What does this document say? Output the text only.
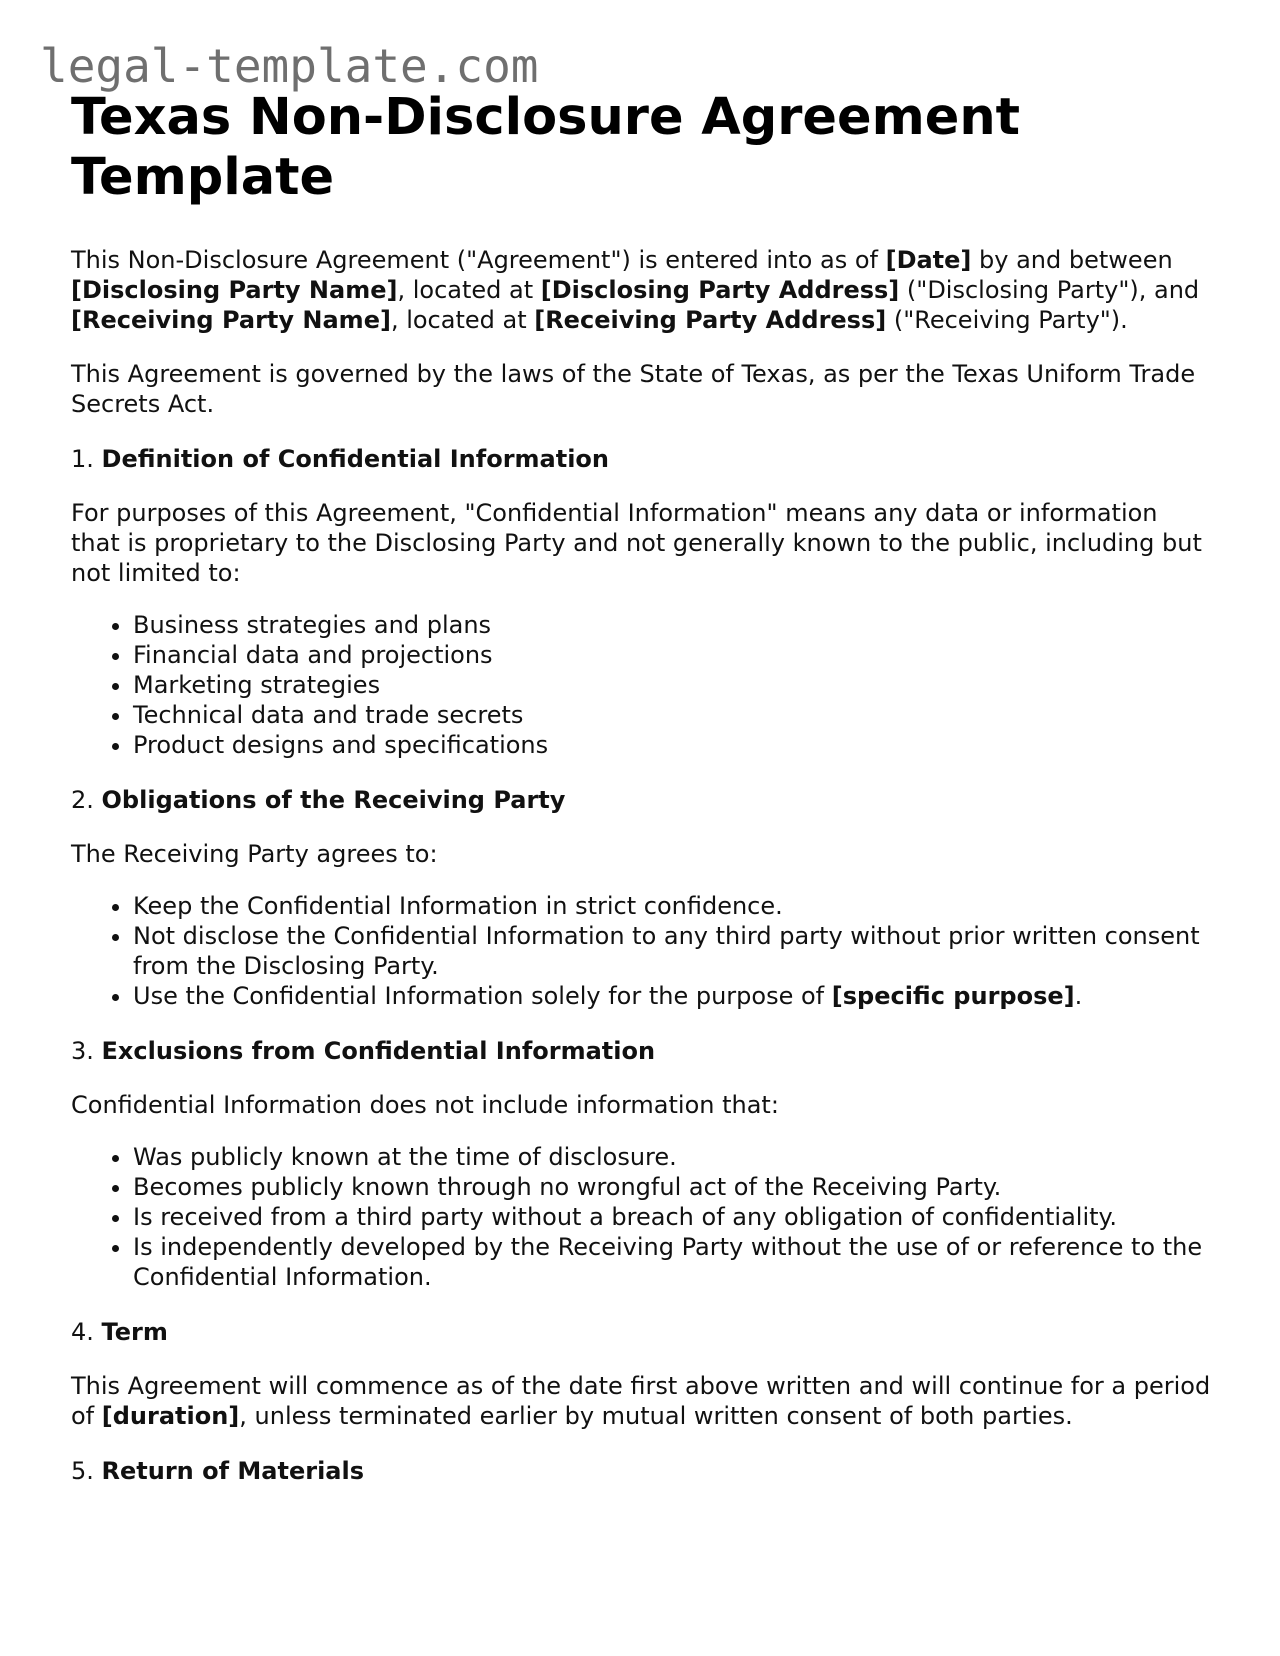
legal-template.com
Texas Non-Disclosure Agreement Template

This Non-Disclosure Agreement ("Agreement") is entered into as of [Date] by and between [Disclosing Party Name], located at [Disclosing Party Address] ("Disclosing Party"), and [Receiving Party Name], located at [Receiving Party Address] ("Receiving Party").

This Agreement is governed by the laws of the State of Texas, as per the Texas Uniform Trade Secrets Act.

1. Definition of Confidential Information

For purposes of this Agreement, "Confidential Information" means any data or information that is proprietary to the Disclosing Party and not generally known to the public, including but not limited to:

• Business strategies and plans
• Financial data and projections
• Marketing strategies
• Technical data and trade secrets
• Product designs and specifications

2. Obligations of the Receiving Party

The Receiving Party agrees to:

• Keep the Confidential Information in strict confidence.
• Not disclose the Confidential Information to any third party without prior written consent from the Disclosing Party.
• Use the Confidential Information solely for the purpose of [specific purpose].

3. Exclusions from Confidential Information

Confidential Information does not include information that:

• Was publicly known at the time of disclosure.
• Becomes publicly known through no wrongful act of the Receiving Party.
• Is received from a third party without a breach of any obligation of confidentiality.
• Is independently developed by the Receiving Party without the use of or reference to the Confidential Information.

4. Term

This Agreement will commence as of the date first above written and will continue for a period of [duration], unless terminated earlier by mutual written consent of both parties.

5. Return of Materials
